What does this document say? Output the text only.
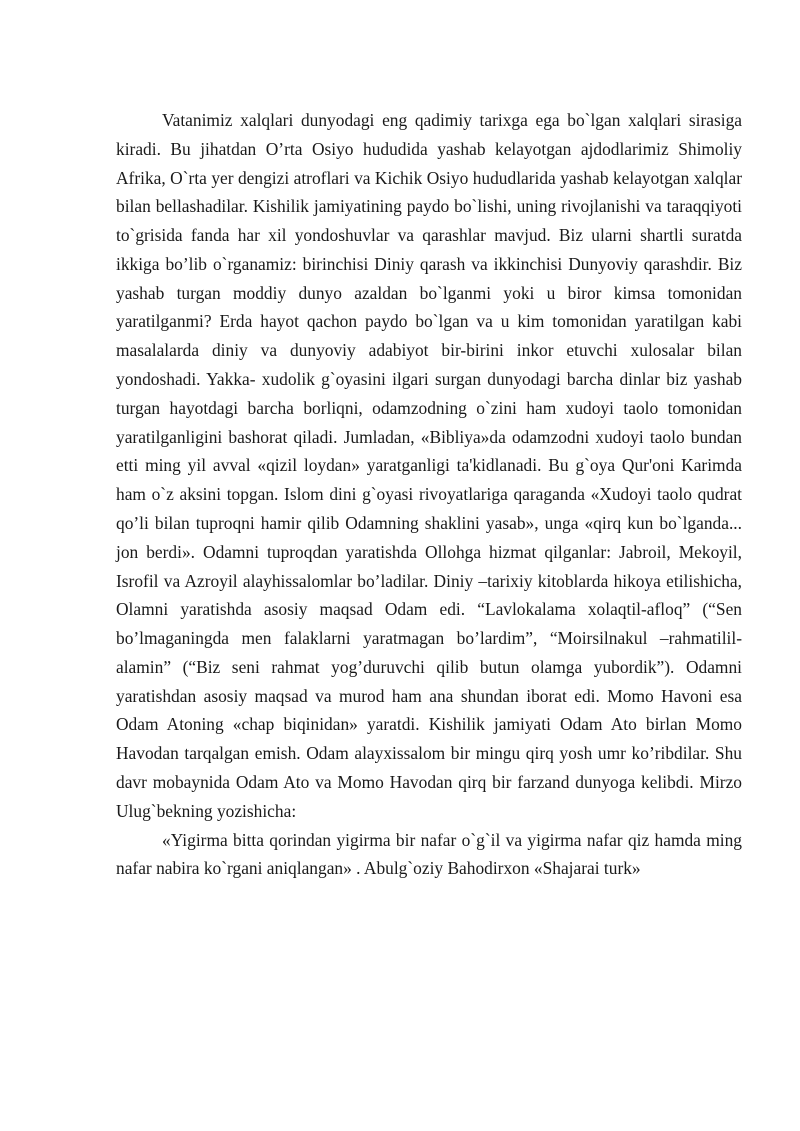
Vatanimiz xalqlari dunyodagi eng qadimiy tarixga ega bo`lgan xalqlari sirasiga kiradi. Bu jihatdan O’rta Osiyo hududida yashab kelayotgan ajdodlarimiz Shimoliy Afrika, O`rta yer dengizi atroflari va Kichik Osiyo hududlarida yashab kelayotgan xalqlar bilan bellashadilar. Kishilik jamiyatining paydo bo`lishi, uning rivojlanishi va taraqqiyoti to`grisida fanda har xil yondoshuvlar va qarashlar mavjud. Biz ularni shartli suratda ikkiga bo’lib o`rganamiz: birinchisi Diniy qarash va ikkinchisi Dunyoviy qarashdir. Biz yashab turgan moddiy dunyo azaldan bo`lganmi yoki u biror kimsa tomonidan yaratilganmi? Erda hayot qachon paydo bo`lgan va u kim tomonidan yaratilgan kabi masalalarda diniy va dunyoviy adabiyot bir-birini inkor etuvchi xulosalar bilan yondoshadi. Yakka- xudolik g`oyasini ilgari surgan dunyodagi barcha dinlar biz yashab turgan hayotdagi barcha borliqni, odamzodning o`zini ham xudoyi taolo tomonidan yaratilganligini bashorat qiladi. Jumladan, «Bibliya»da odamzodni xudoyi taolo bundan etti ming yil avval «qizil loydan» yaratganligi ta'kidlanadi. Bu g`oya Qur'oni Karimda ham o`z aksini topgan. Islom dini g`oyasi rivoyatlariga qaraganda «Xudoyi taolo qudrat qo’li bilan tuproqni hamir qilib Odamning shaklini yasab», unga «qirq kun bo`lganda... jon berdi». Odamni tuproqdan yaratishda Ollohga hizmat qilganlar: Jabroil, Mekoyil, Isrofil va Azroyil alayhissalomlar bo’ladilar. Diniy –tarixiy kitoblarda hikoya etilishicha, Olamni yaratishda asosiy maqsad Odam edi. “Lavlokalama xolaqtil-afloq” (“Sen bo’lmaganingda men falaklarni yaratmagan bo’lardim”, “Moirsilnakul –rahmatilil-alamin” (“Biz seni rahmat yog’duruvchi qilib butun olamga yubordik”). Odamni yaratishdan asosiy maqsad va murod ham ana shundan iborat edi. Momo Havoni esa Odam Atoning «chap biqinidan» yaratdi. Kishilik jamiyati Odam Ato birlan Momo Havodan tarqalgan emish. Odam alayxissalom bir mingu qirq yosh umr ko’ribdilar. Shu davr mobaynida Odam Ato va Momo Havodan qirq bir farzand dunyoga kelibdi. Mirzo Ulug`bekning yozishicha:

«Yigirma bitta qorindan yigirma bir nafar o`g`il va yigirma nafar qiz hamda ming nafar nabira ko`rgani aniqlangan» . Abulg`oziy Bahodirxon «Shajarai turk»
